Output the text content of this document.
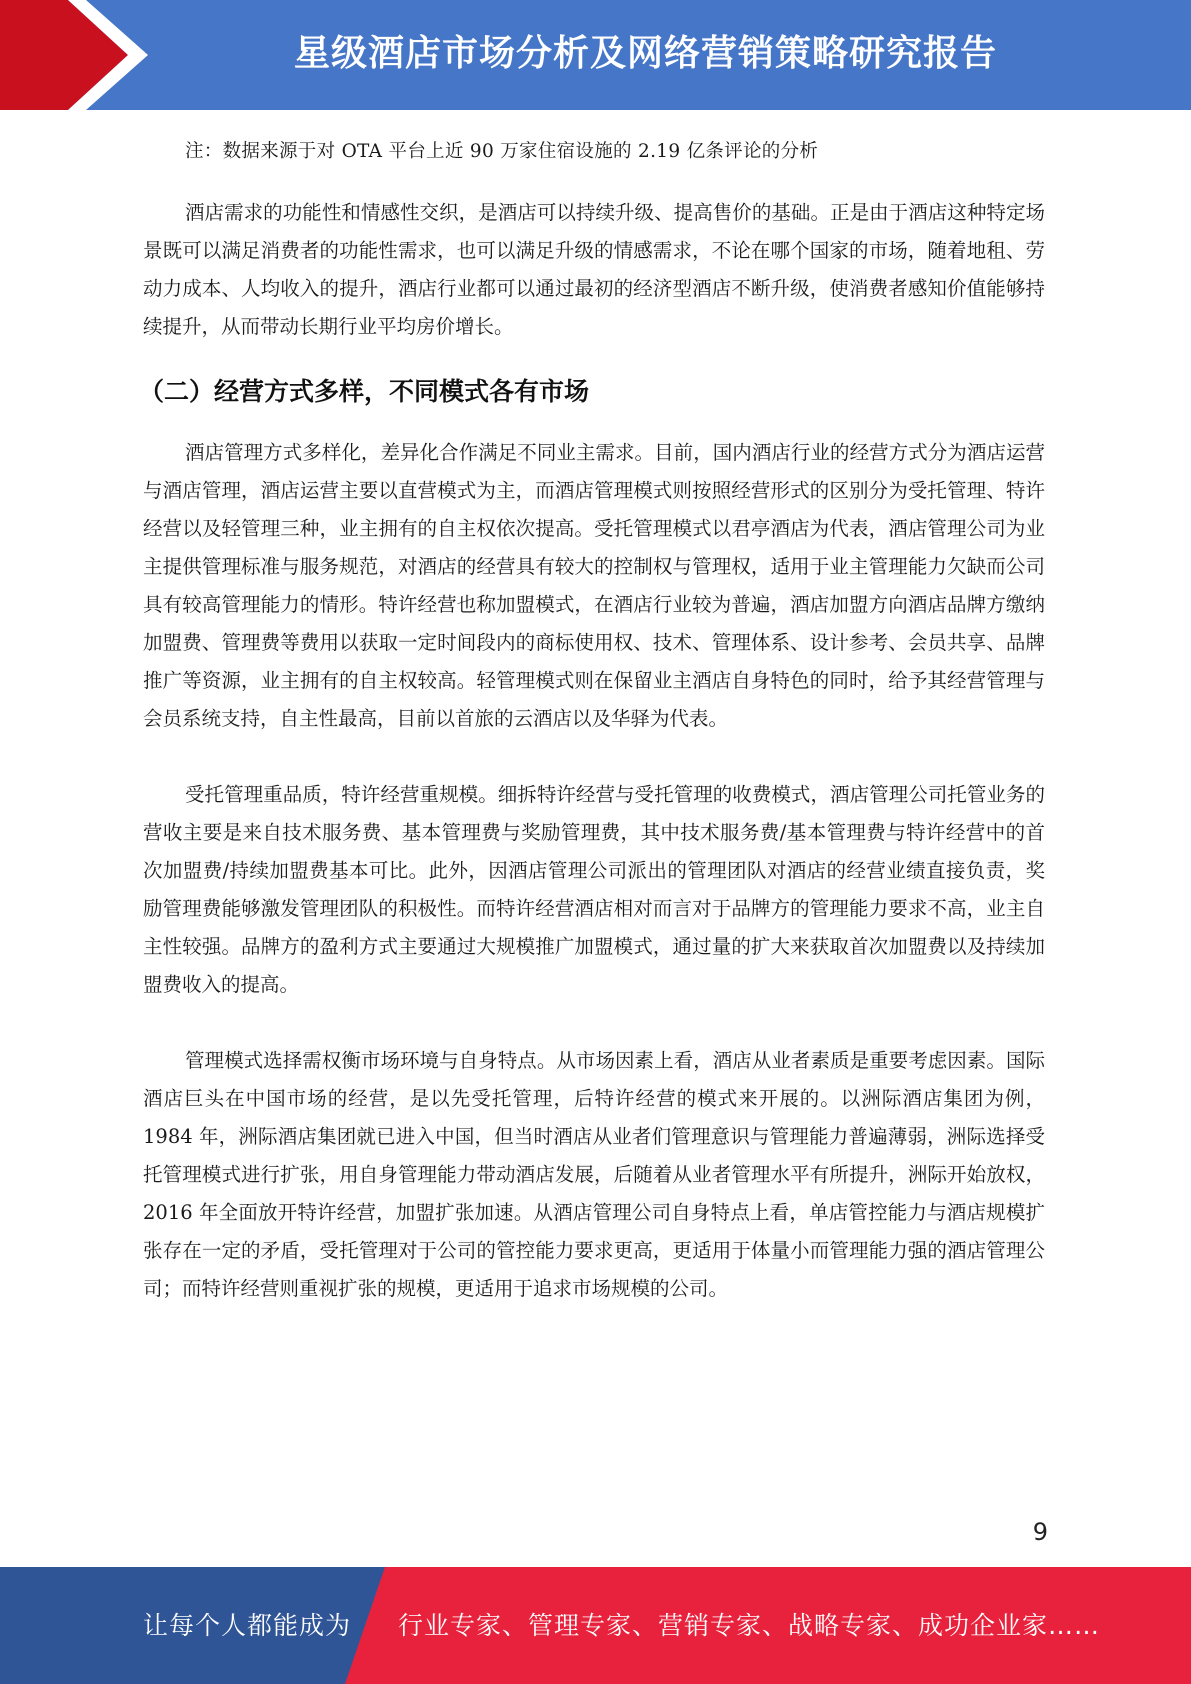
星级酒店市场分析及网络营销策略研究报告

注：数据来源于对 OTA 平台上近 90 万家住宿设施的 2.19 亿条评论的分析

酒店需求的功能性和情感性交织，是酒店可以持续升级、提高售价的基础。正是由于酒店这种特定场景既可以满足消费者的功能性需求，也可以满足升级的情感需求，不论在哪个国家的市场，随着地租、劳动力成本、人均收入的提升，酒店行业都可以通过最初的经济型酒店不断升级，使消费者感知价值能够持续提升，从而带动长期行业平均房价增长。

（二）经营方式多样，不同模式各有市场

酒店管理方式多样化，差异化合作满足不同业主需求。目前，国内酒店行业的经营方式分为酒店运营与酒店管理，酒店运营主要以直营模式为主，而酒店管理模式则按照经营形式的区别分为受托管理、特许经营以及轻管理三种，业主拥有的自主权依次提高。受托管理模式以君亭酒店为代表，酒店管理公司为业主提供管理标准与服务规范，对酒店的经营具有较大的控制权与管理权，适用于业主管理能力欠缺而公司具有较高管理能力的情形。特许经营也称加盟模式，在酒店行业较为普遍，酒店加盟方向酒店品牌方缴纳加盟费、管理费等费用以获取一定时间段内的商标使用权、技术、管理体系、设计参考、会员共享、品牌推广等资源，业主拥有的自主权较高。轻管理模式则在保留业主酒店自身特色的同时，给予其经营管理与会员系统支持，自主性最高，目前以首旅的云酒店以及华驿为代表。

受托管理重品质，特许经营重规模。细拆特许经营与受托管理的收费模式，酒店管理公司托管业务的营收主要是来自技术服务费、基本管理费与奖励管理费，其中技术服务费/基本管理费与特许经营中的首次加盟费/持续加盟费基本可比。此外，因酒店管理公司派出的管理团队对酒店的经营业绩直接负责，奖励管理费能够激发管理团队的积极性。而特许经营酒店相对而言对于品牌方的管理能力要求不高，业主自主性较强。品牌方的盈利方式主要通过大规模推广加盟模式，通过量的扩大来获取首次加盟费以及持续加盟费收入的提高。

管理模式选择需权衡市场环境与自身特点。从市场因素上看，酒店从业者素质是重要考虑因素。国际酒店巨头在中国市场的经营，是以先受托管理，后特许经营的模式来开展的。以洲际酒店集团为例，1984 年，洲际酒店集团就已进入中国，但当时酒店从业者们管理意识与管理能力普遍薄弱，洲际选择受托管理模式进行扩张，用自身管理能力带动酒店发展，后随着从业者管理水平有所提升，洲际开始放权，2016 年全面放开特许经营，加盟扩张加速。从酒店管理公司自身特点上看，单店管控能力与酒店规模扩张存在一定的矛盾，受托管理对于公司的管控能力要求更高，更适用于体量小而管理能力强的酒店管理公司；而特许经营则重视扩张的规模，更适用于追求市场规模的公司。

9
让每个人都能成为 行业专家、管理专家、营销专家、战略专家、成功企业家……
